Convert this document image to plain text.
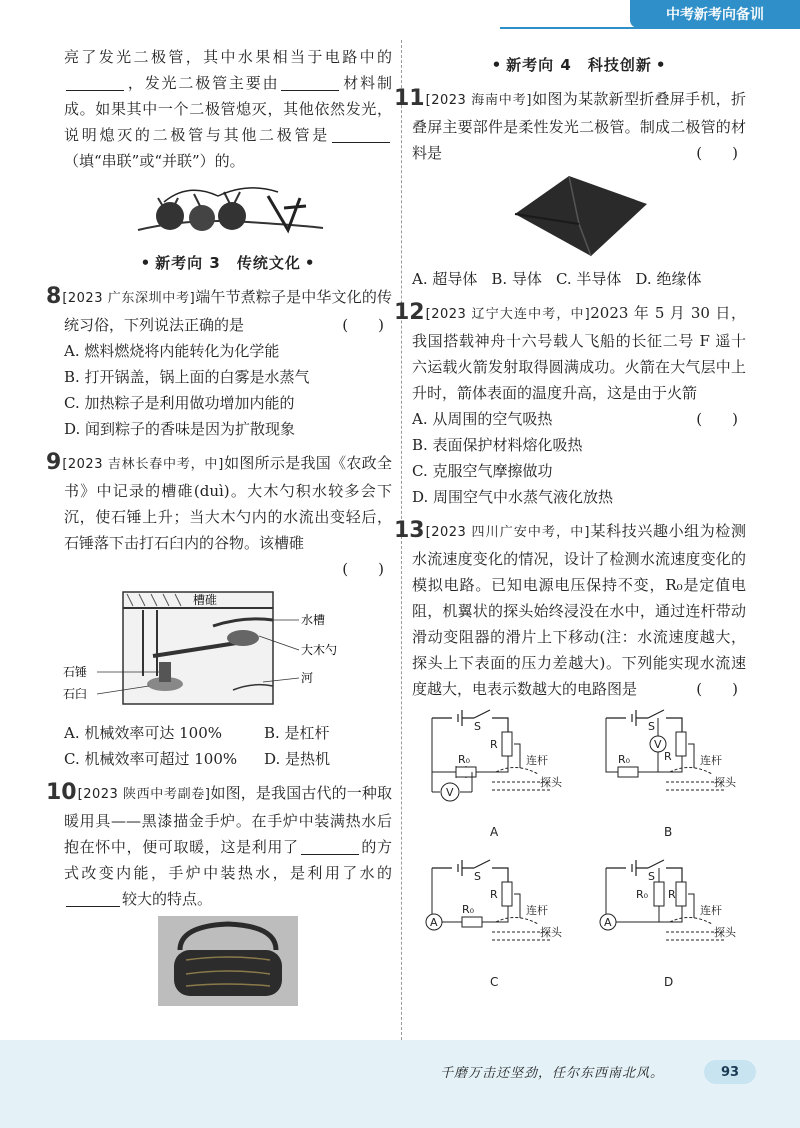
中考新考向备训
亮了发光二极管，其中水果相当于电路中的，发光二极管主要由	材料制成。如果其中一个二极管熄灭，其他依然发光，说明熄灭的二极管与其他二极管是（填“串联”或“并联”）的。
• 新考向 3　传统文化 •
8[2023 广东深圳中考]端午节煮粽子是中华文化的传统习俗，下列说法正确的是	(　　)
A. 燃料燃烧将内能转化为化学能
B. 打开锅盖，锅上面的白雾是水蒸气
C. 加热粽子是利用做功增加内能的
D. 闻到粽子的香味是因为扩散现象
9[2023 吉林长春中考，中]如图所示是我国《农政全书》中记录的槽碓(duì)。大木勺积水较多会下沉，使石锤上升；当大木勺内的水流出变轻后，石锤落下击打石臼内的谷物。该槽碓
(　　)
槽碓
水槽
大木勺
河
石锤
石臼
A. 机械效率可达 100%	B. 是杠杆
C. 机械效率可超过 100%	D. 是热机
10[2023 陕西中考副卷]如图，是我国古代的一种取暖用具——黑漆描金手炉。在手炉中装满热水后抱在怀中，便可取暖，这是利用了	的方式改变内能，手炉中装热水，是利用了水的较大的特点。
• 新考向 4　科技创新 •
11[2023 海南中考]如图为某款新型折叠屏手机，折叠屏主要部件是柔性发光二极管。制成二极管的材料是	(　　)
A. 超导体 B. 导体 C. 半导体 D. 绝缘体
12[2023 辽宁大连中考，中]2023 年 5 月 30 日，我国搭载神舟十六号载人飞船的长征二号 F 遥十六运载火箭发射取得圆满成功。火箭在大气层中上升时，箭体表面的温度升高，这是由于火箭
(　　)
A. 从周围的空气吸热
B. 表面保护材料熔化吸热
C. 克服空气摩擦做功
D. 周围空气中水蒸气液化放热
13[2023 四川广安中考，中]某科技兴趣小组为检测水流速度变化的情况，设计了检测水流速度变化的模拟电路。已知电源电压保持不变，R₀是定值电阻，机翼状的探头始终浸没在水中，通过连杆带动滑动变阻器的滑片上下移动(注：水流速度越大，探头上下表面的压力差越大)。下列能实现水流速度越大，电表示数越大的电路图是	(　　)
V
S
R
R₀	连杆
探头
A
V
S
R
R₀	连杆
探头
B
A
S
R
R₀	连杆
探头
C
A
S
R
R₀
连杆
探头
D
千磨万击还坚劲，任尔东西南北风。	93
